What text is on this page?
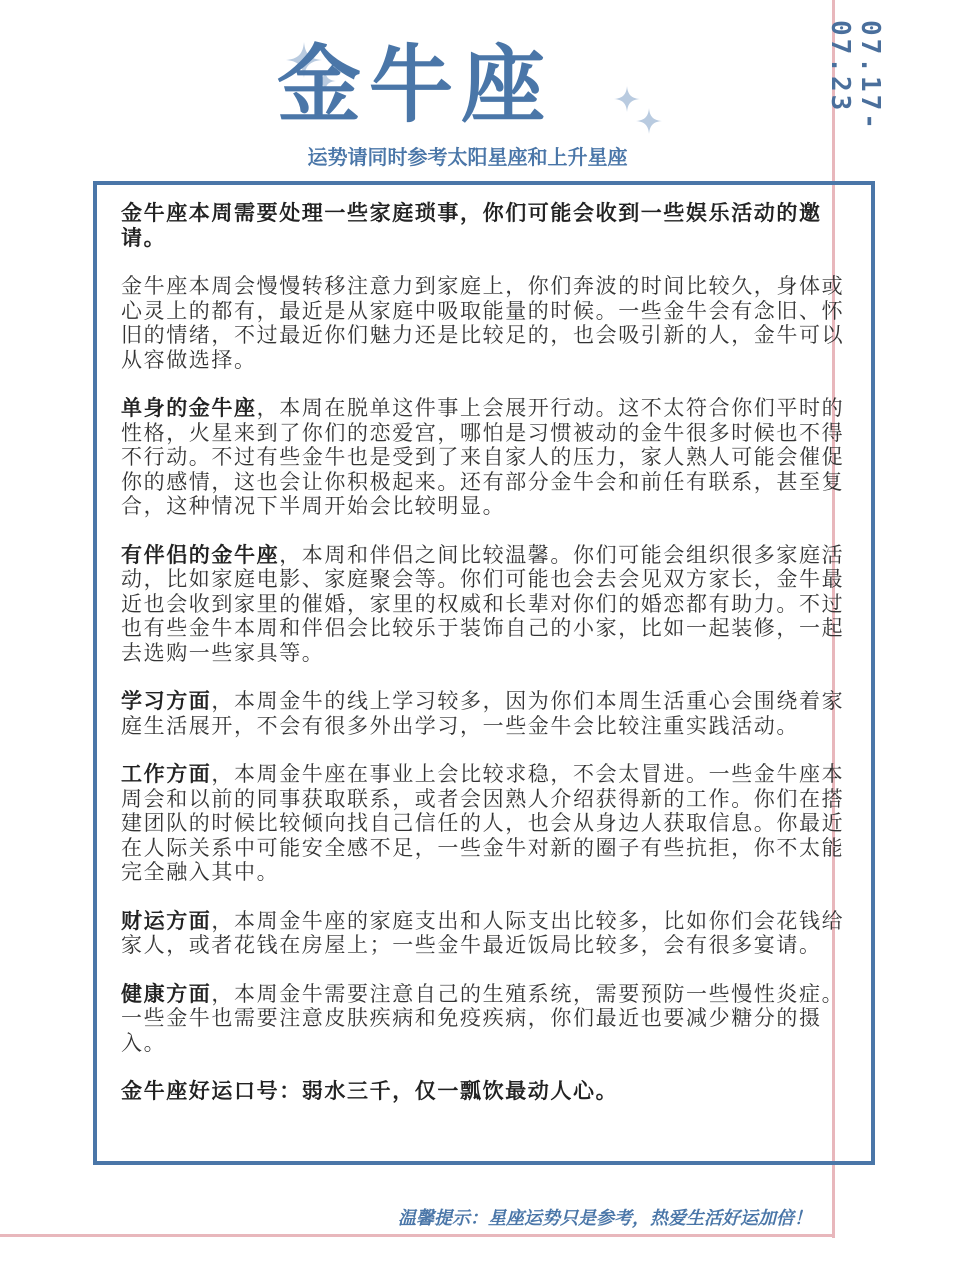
07.17-07.23
金牛座
运势请同时参考太阳星座和上升星座

金牛座本周需要处理一些家庭琐事，你们可能会收到一些娱乐活动的邀请。

金牛座本周会慢慢转移注意力到家庭上，你们奔波的时间比较久，身体或心灵上的都有，最近是从家庭中吸取能量的时候。一些金牛会有念旧、怀旧的情绪，不过最近你们魅力还是比较足的，也会吸引新的人，金牛可以从容做选择。

单身的金牛座，本周在脱单这件事上会展开行动。这不太符合你们平时的性格，火星来到了你们的恋爱宫，哪怕是习惯被动的金牛很多时候也不得不行动。不过有些金牛也是受到了来自家人的压力，家人熟人可能会催促你的感情，这也会让你积极起来。还有部分金牛会和前任有联系，甚至复合，这种情况下半周开始会比较明显。

有伴侣的金牛座，本周和伴侣之间比较温馨。你们可能会组织很多家庭活动，比如家庭电影、家庭聚会等。你们可能也会去会见双方家长，金牛最近也会收到家里的催婚，家里的权威和长辈对你们的婚恋都有助力。不过也有些金牛本周和伴侣会比较乐于装饰自己的小家，比如一起装修，一起去选购一些家具等。

学习方面，本周金牛的线上学习较多，因为你们本周生活重心会围绕着家庭生活展开，不会有很多外出学习，一些金牛会比较注重实践活动。

工作方面，本周金牛座在事业上会比较求稳，不会太冒进。一些金牛座本周会和以前的同事获取联系，或者会因熟人介绍获得新的工作。你们在搭建团队的时候比较倾向找自己信任的人，也会从身边人获取信息。你最近在人际关系中可能安全感不足，一些金牛对新的圈子有些抗拒，你不太能完全融入其中。

财运方面，本周金牛座的家庭支出和人际支出比较多，比如你们会花钱给家人，或者花钱在房屋上；一些金牛最近饭局比较多，会有很多宴请。

健康方面，本周金牛需要注意自己的生殖系统，需要预防一些慢性炎症。一些金牛也需要注意皮肤疾病和免疫疾病，你们最近也要减少糖分的摄入。

金牛座好运口号：弱水三千，仅一瓢饮最动人心。

温馨提示：星座运势只是参考，热爱生活好运加倍！
